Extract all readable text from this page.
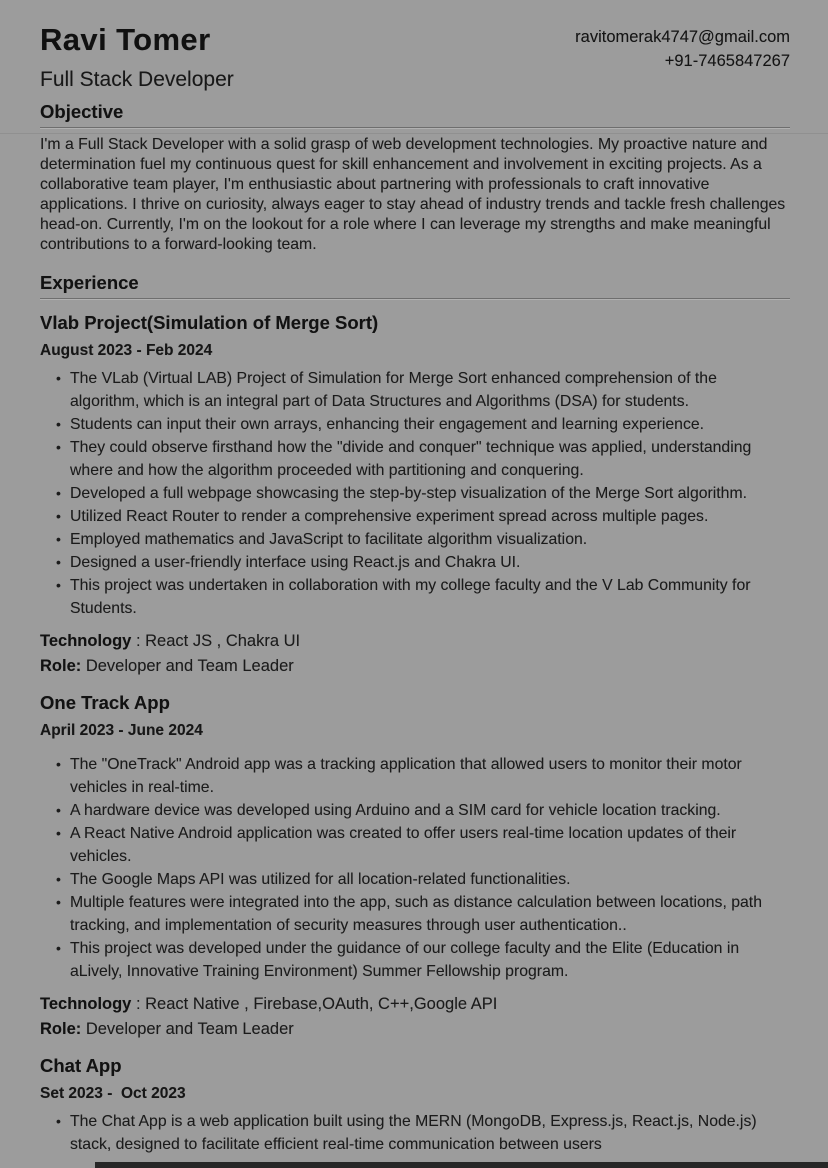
Ravi Tomer
Full Stack Developer
ravitomerak4747@gmail.com
+91-7465847267
Objective
I'm a Full Stack Developer with a solid grasp of web development technologies. My proactive nature and determination fuel my continuous quest for skill enhancement and involvement in exciting projects. As a collaborative team player, I'm enthusiastic about partnering with professionals to craft innovative applications. I thrive on curiosity, always eager to stay ahead of industry trends and tackle fresh challenges head-on. Currently, I'm on the lookout for a role where I can leverage my strengths and make meaningful contributions to a forward-looking team.
Experience
Vlab Project(Simulation of Merge Sort)
August 2023 - Feb 2024
• The VLab (Virtual LAB) Project of Simulation for Merge Sort enhanced comprehension of the algorithm, which is an integral part of Data Structures and Algorithms (DSA) for students.
• Students can input their own arrays, enhancing their engagement and learning experience.
• They could observe firsthand how the "divide and conquer" technique was applied, understanding where and how the algorithm proceeded with partitioning and conquering.
• Developed a full webpage showcasing the step-by-step visualization of the Merge Sort algorithm.
• Utilized React Router to render a comprehensive experiment spread across multiple pages.
• Employed mathematics and JavaScript to facilitate algorithm visualization.
• Designed a user-friendly interface using React.js and Chakra UI.
• This project was undertaken in collaboration with my college faculty and the V Lab Community for Students.

Technology : React JS , Chakra UI

Role: Developer and Team Leader

One Track App
April 2023 - June 2024
• The "OneTrack" Android app was a tracking application that allowed users to monitor their motor vehicles in real-time.
• A hardware device was developed using Arduino and a SIM card for vehicle location tracking.
• A React Native Android application was created to offer users real-time location updates of their vehicles.
• The Google Maps API was utilized for all location-related functionalities.
• Multiple features were integrated into the app, such as distance calculation between locations, path tracking, and implementation of security measures through user authentication..
• This project was developed under the guidance of our college faculty and the Elite (Education in aLively, Innovative Training Environment) Summer Fellowship program.

Technology : React Native , Firebase,OAuth, C++,Google API

Role: Developer and Team Leader

Chat App
Set 2023 -  Oct 2023
• The Chat App is a web application built using the MERN (MongoDB, Express.js, React.js, Node.js) stack, designed to facilitate efficient real-time communication between users
